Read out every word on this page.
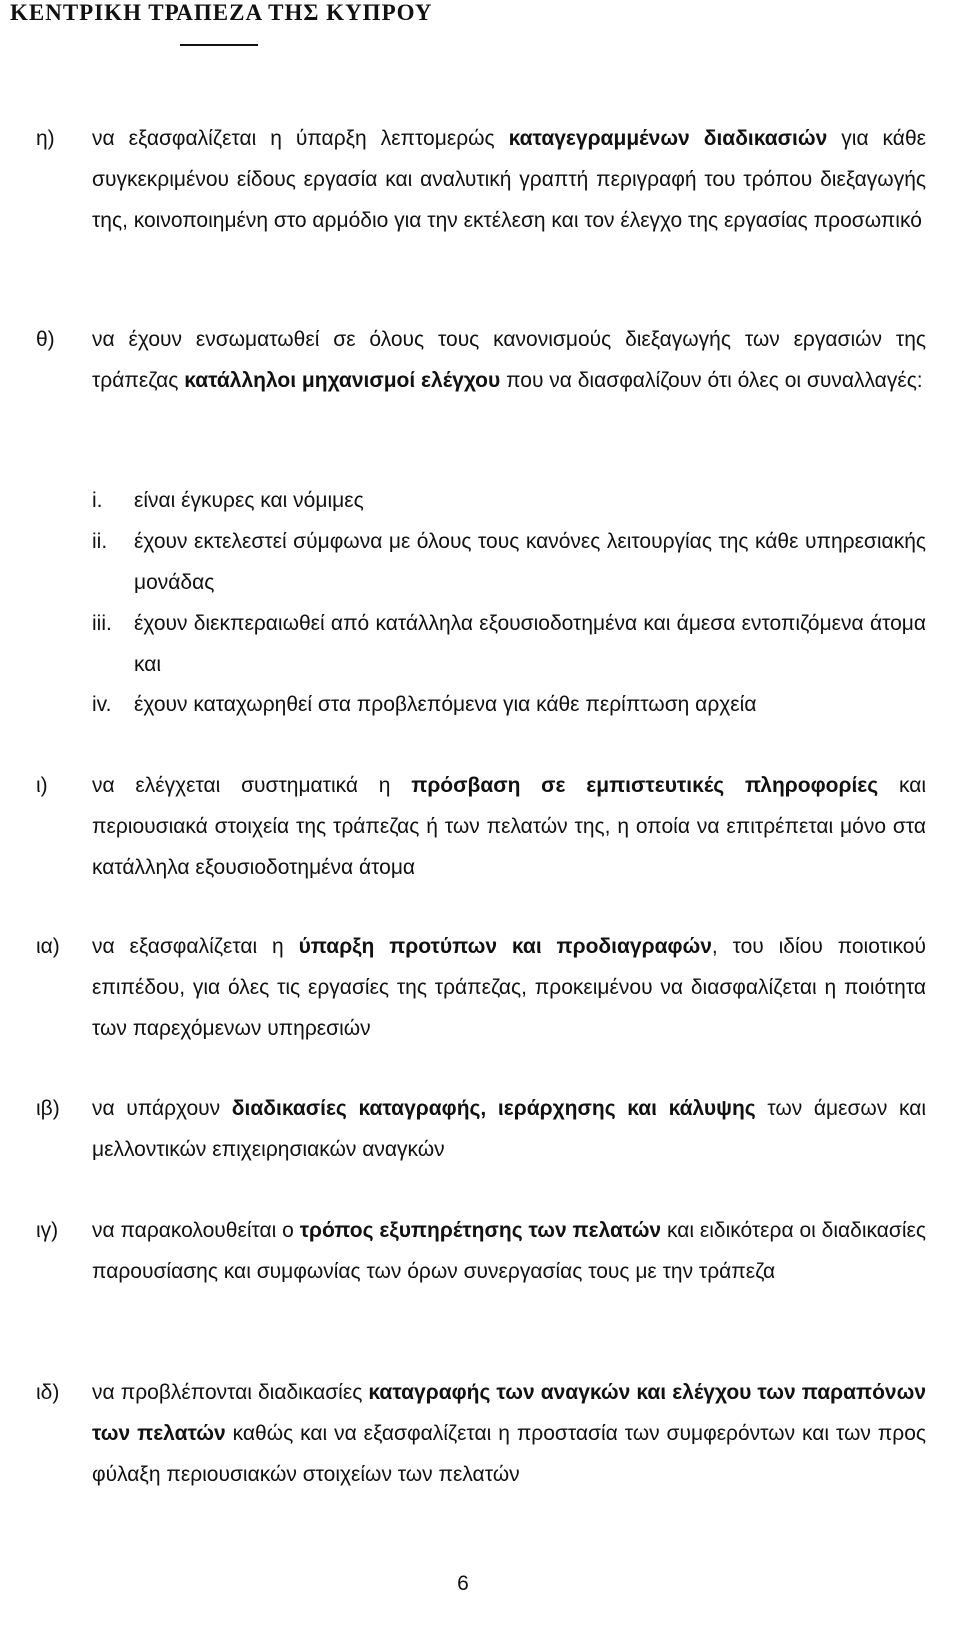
ΚΕΝΤΡΙΚΗ ΤΡΑΠΕΖΑ ΤΗΣ ΚΥΠΡΟΥ
η) να εξασφαλίζεται η ύπαρξη λεπτομερώς καταγεγραμμένων διαδικασιών για κάθε συγκεκριμένου είδους εργασία και αναλυτική γραπτή περιγραφή του τρόπου διεξαγωγής της, κοινοποιημένη στο αρμόδιο για την εκτέλεση και τον έλεγχο της εργασίας προσωπικό
θ) να έχουν ενσωματωθεί σε όλους τους κανονισμούς διεξαγωγής των εργασιών της τράπεζας κατάλληλοι μηχανισμοί ελέγχου που να διασφαλίζουν ότι όλες οι συναλλαγές:
i. είναι έγκυρες και νόμιμες
ii. έχουν εκτελεστεί σύμφωνα με όλους τους κανόνες λειτουργίας της κάθε υπηρεσιακής μονάδας
iii. έχουν διεκπεραιωθεί από κατάλληλα εξουσιοδοτημένα και άμεσα εντοπιζόμενα άτομα και
iv. έχουν καταχωρηθεί στα προβλεπόμενα για κάθε περίπτωση αρχεία
ι) να ελέγχεται συστηματικά η πρόσβαση σε εμπιστευτικές πληροφορίες και περιουσιακά στοιχεία της τράπεζας ή των πελατών της, η οποία να επιτρέπεται μόνο στα κατάλληλα εξουσιοδοτημένα άτομα
ια) να εξασφαλίζεται η ύπαρξη προτύπων και προδιαγραφών, του ιδίου ποιοτικού επιπέδου, για όλες τις εργασίες της τράπεζας, προκειμένου να διασφαλίζεται η ποιότητα των παρεχόμενων υπηρεσιών
ιβ) να υπάρχουν διαδικασίες καταγραφής, ιεράρχησης και κάλυψης των άμεσων και μελλοντικών επιχειρησιακών αναγκών
ιγ) να παρακολουθείται ο τρόπος εξυπηρέτησης των πελατών και ειδικότερα οι διαδικασίες παρουσίασης και συμφωνίας των όρων συνεργασίας τους με την τράπεζα
ιδ) να προβλέπονται διαδικασίες καταγραφής των αναγκών και ελέγχου των παραπόνων των πελατών καθώς και να εξασφαλίζεται η προστασία των συμφερόντων και των προς φύλαξη περιουσιακών στοιχείων των πελατών
6
